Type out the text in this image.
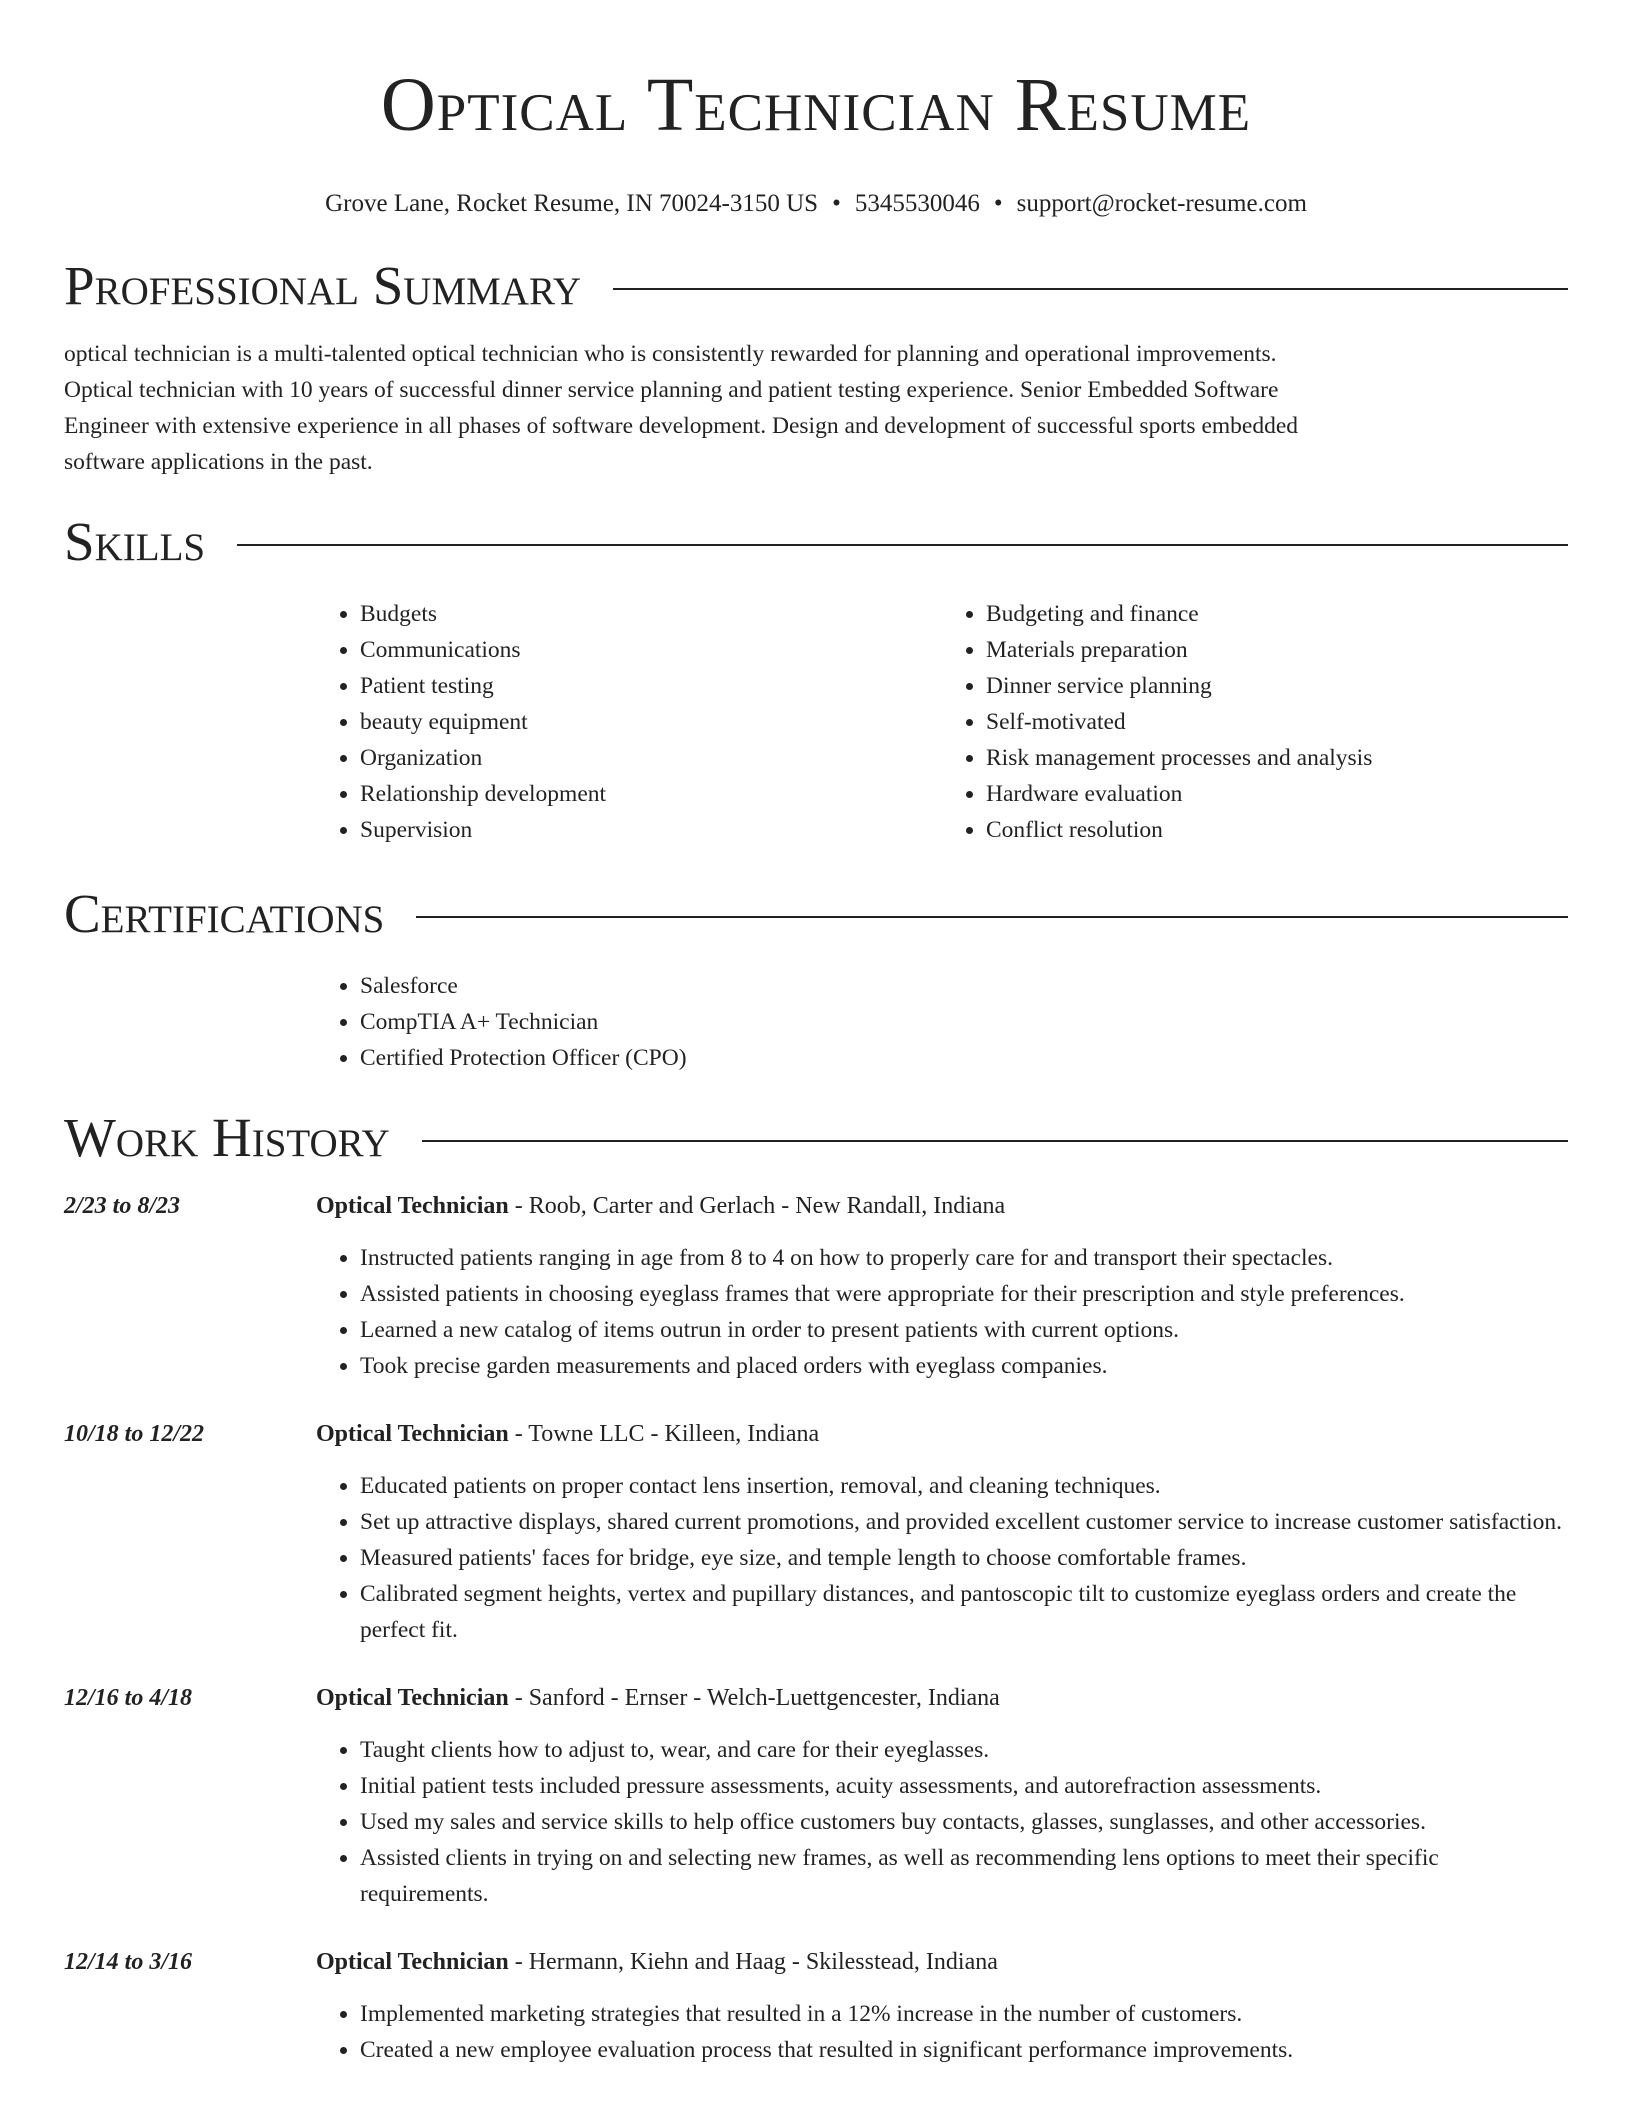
Optical Technician Resume
Grove Lane, Rocket Resume, IN 70024-3150 US • 5345530046 • support@rocket-resume.com
Professional Summary

optical technician is a multi-talented optical technician who is consistently rewarded for planning and operational improvements. Optical technician with 10 years of successful dinner service planning and patient testing experience. Senior Embedded Software Engineer with extensive experience in all phases of software development. Design and development of successful sports embedded software applications in the past.

Skills
• Budgets
• Communications
• Patient testing
• beauty equipment
• Organization
• Relationship development
• Supervision
• Budgeting and finance
• Materials preparation
• Dinner service planning
• Self-motivated
• Risk management processes and analysis
• Hardware evaluation
• Conflict resolution
Certifications
• Salesforce
• CompTIA A+ Technician
• Certified Protection Officer (CPO)
Work History
2/23 to 8/23	Optical Technician - Roob, Carter and Gerlach - New Randall, Indiana
• Instructed patients ranging in age from 8 to 4 on how to properly care for and transport their spectacles.
• Assisted patients in choosing eyeglass frames that were appropriate for their prescription and style preferences.
• Learned a new catalog of items outrun in order to present patients with current options.
• Took precise garden measurements and placed orders with eyeglass companies.
10/18 to 12/22	Optical Technician - Towne LLC - Killeen, Indiana
• Educated patients on proper contact lens insertion, removal, and cleaning techniques.
• Set up attractive displays, shared current promotions, and provided excellent customer service to increase customer satisfaction.
• Measured patients' faces for bridge, eye size, and temple length to choose comfortable frames.
• Calibrated segment heights, vertex and pupillary distances, and pantoscopic tilt to customize eyeglass orders and create the perfect fit.
12/16 to 4/18	Optical Technician - Sanford - Ernser - Welch-Luettgencester, Indiana
• Taught clients how to adjust to, wear, and care for their eyeglasses.
• Initial patient tests included pressure assessments, acuity assessments, and autorefraction assessments.
• Used my sales and service skills to help office customers buy contacts, glasses, sunglasses, and other accessories.
• Assisted clients in trying on and selecting new frames, as well as recommending lens options to meet their specific requirements.
12/14 to 3/16	Optical Technician - Hermann, Kiehn and Haag - Skilesstead, Indiana
• Implemented marketing strategies that resulted in a 12% increase in the number of customers.
• Created a new employee evaluation process that resulted in significant performance improvements.
